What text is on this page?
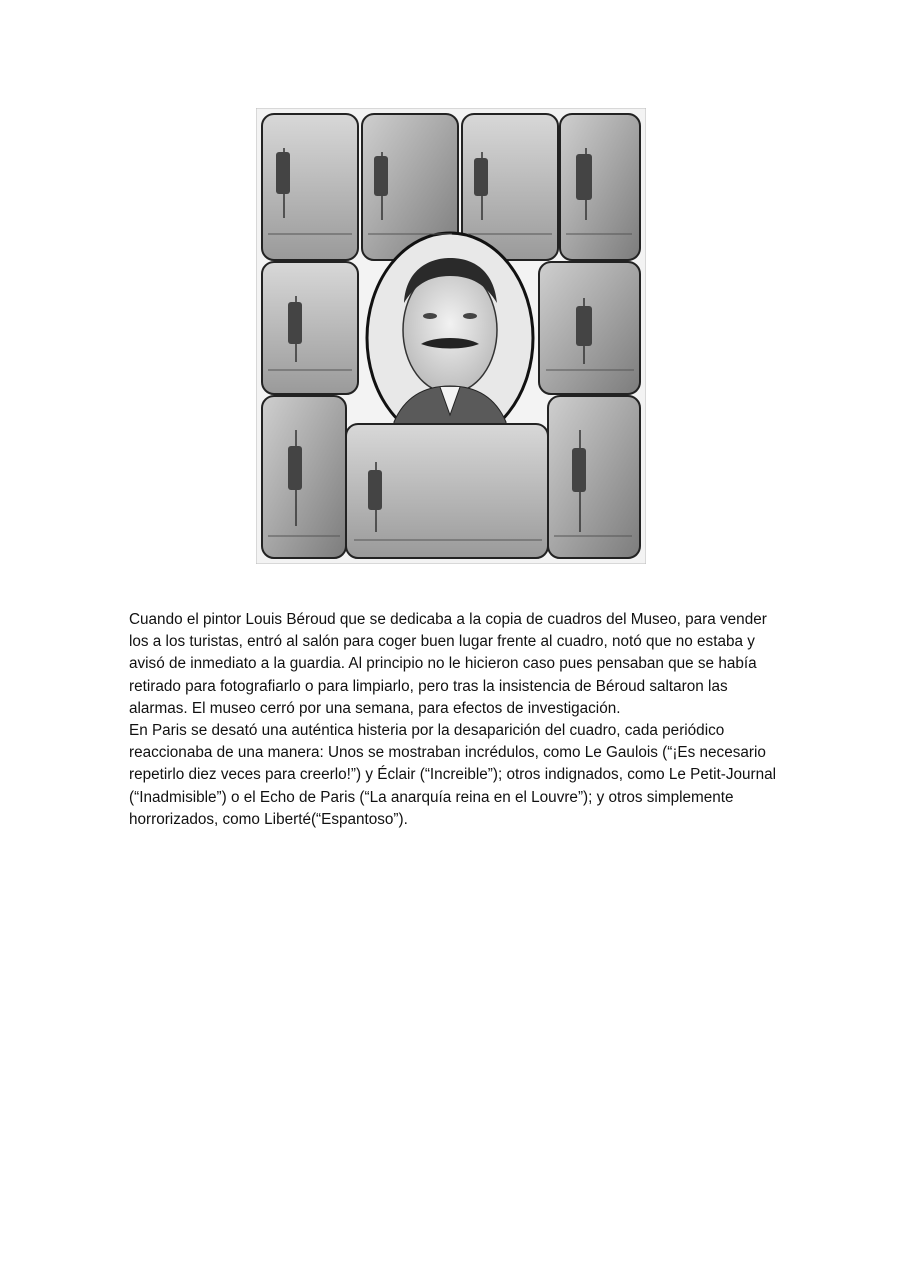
Cuando el pintor Louis Béroud que se dedicaba a la copia de cuadros del Museo, para vender los a los turistas, entró al salón para coger buen lugar frente al cuadro, notó que no estaba y avisó de inmediato a la guardia. Al principio no le hicieron caso pues pensaban que se había retirado para fotografiarlo o para limpiarlo, pero tras la insistencia de Béroud saltaron las alarmas. El museo cerró por una semana, para efectos de investigación.

En Paris se desató una auténtica histeria por la desaparición del cuadro, cada periódico reaccionaba de una manera: Unos se mostraban incrédulos, como Le Gaulois (“¡Es necesario repetirlo diez veces para creerlo!”) y Éclair (“Increible”); otros indignados, como Le Petit-Journal (“Inadmisible”) o el Echo de Paris (“La anarquía reina en el Louvre”); y otros simplemente horrorizados, como Liberté(“Espantoso”).
